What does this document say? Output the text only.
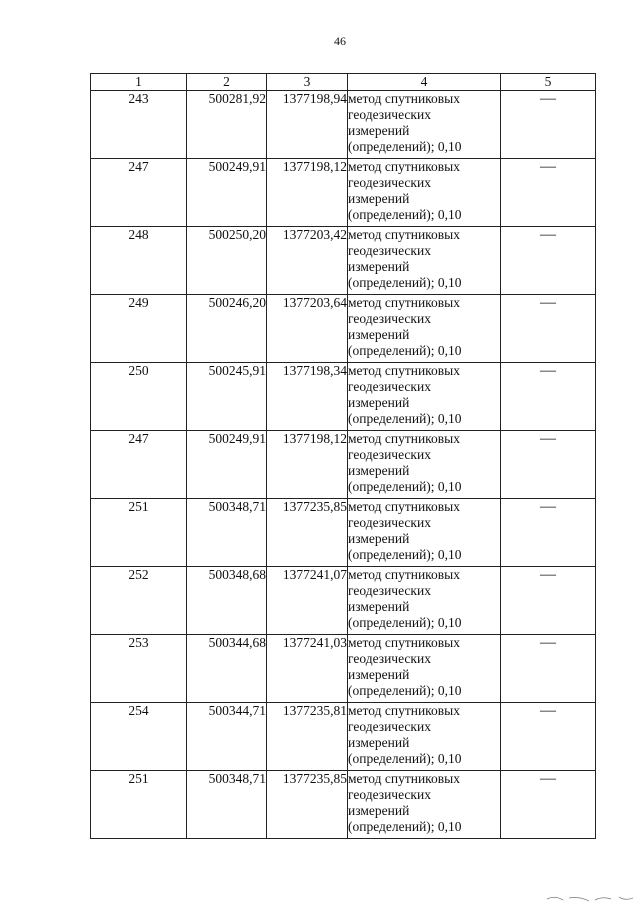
46
1	2	3	4	5
243	500281,92	1377198,94	метод спутниковых
геодезических
измерений
(определений); 0,10	—
247	500249,91	1377198,12	метод спутниковых
геодезических
измерений
(определений); 0,10	—
248	500250,20	1377203,42	метод спутниковых
геодезических
измерений
(определений); 0,10	—
249	500246,20	1377203,64	метод спутниковых
геодезических
измерений
(определений); 0,10	—
250	500245,91	1377198,34	метод спутниковых
геодезических
измерений
(определений); 0,10	—
247	500249,91	1377198,12	метод спутниковых
геодезических
измерений
(определений); 0,10	—
251	500348,71	1377235,85	метод спутниковых
геодезических
измерений
(определений); 0,10	—
252	500348,68	1377241,07	метод спутниковых
геодезических
измерений
(определений); 0,10	—
253	500344,68	1377241,03	метод спутниковых
геодезических
измерений
(определений); 0,10	—
254	500344,71	1377235,81	метод спутниковых
геодезических
измерений
(определений); 0,10	—
251	500348,71	1377235,85	метод спутниковых
геодезических
измерений
(определений); 0,10	—
